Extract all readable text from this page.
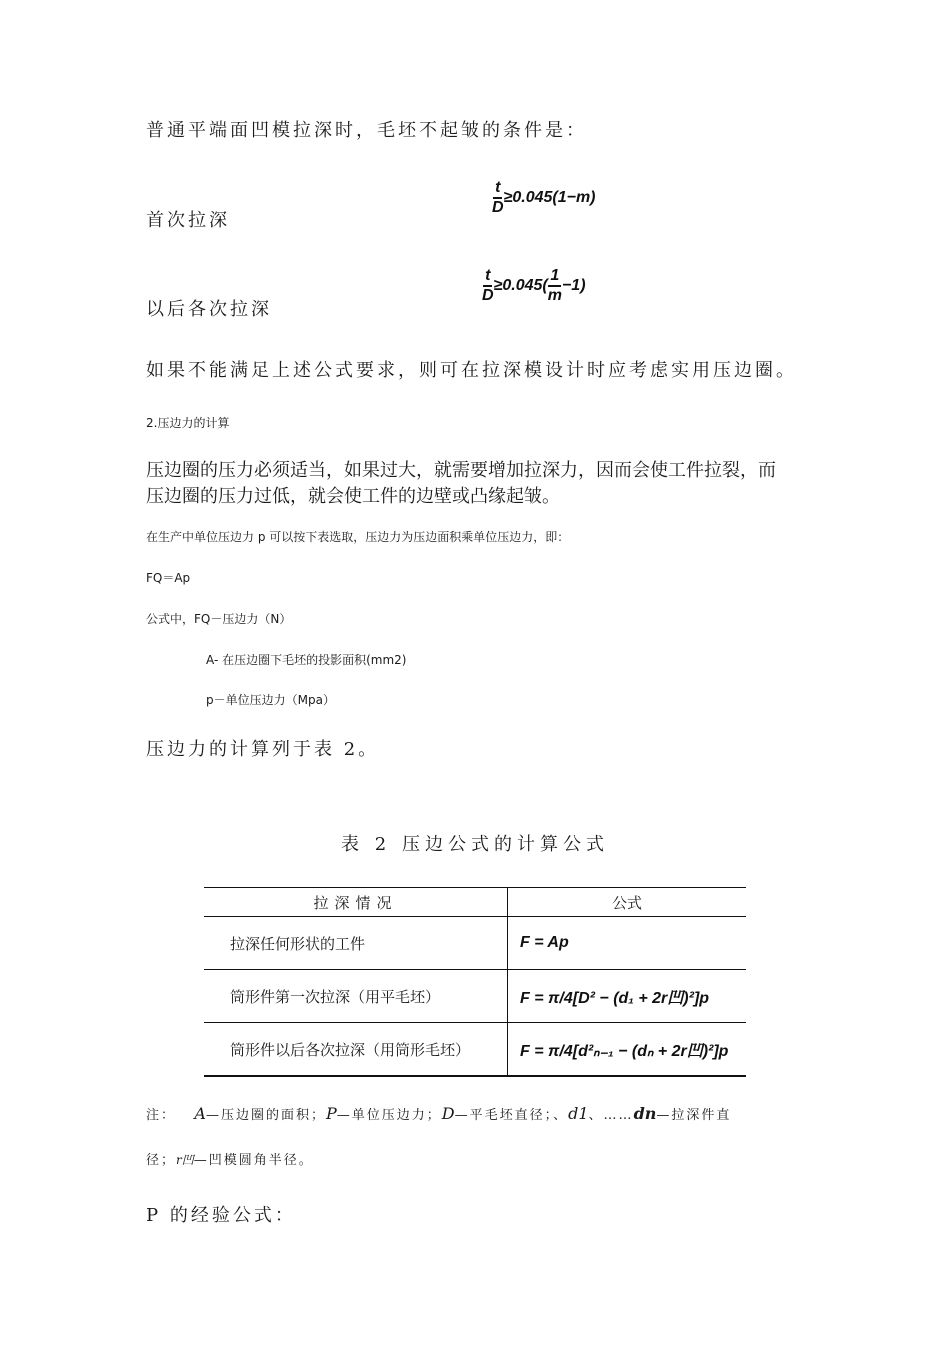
普通平端面凹模拉深时，毛坯不起皱的条件是：
首次拉深
$\frac{t}{D} \ge 0.045(1-m)$
以后各次拉深
$\frac{t}{D} \ge 0.045( \frac{1}{m} -1)$
如果不能满足上述公式要求，则可在拉深模设计时应考虑实用压边圈。
2.压边力的计算
压边圈的压力必须适当，如果过大，就需要增加拉深力，因而会使工件拉裂，而
压边圈的压力过低，就会使工件的边壁或凸缘起皱。
在生产中单位压边力 p 可以按下表选取，压边力为压边面积乘单位压边力，即：
FQ＝Ap
公式中，FQ－压边力（N）
A- 在压边圈下毛坯的投影面积(mm2)
p－单位压边力（Mpa）
压边力的计算列于表 2。
表 2 压边公式的计算公式
拉深情况	公式
拉深任何形状的工件	F = Ap
筒形件第一次拉深（用平毛坯）	F = π/4[D² − (d₁ + 2r凹)²]p
筒形件以后各次拉深（用筒形毛坯）	F = π/4[d²ₙ₋₁ − (dₙ + 2r凹)²]p
注： A—压边圈的面积；P—单位压边力；D—平毛坯直径；、d1、……dn—拉深件直
径；r凹—凹模圆角半径。
P 的经验公式：
